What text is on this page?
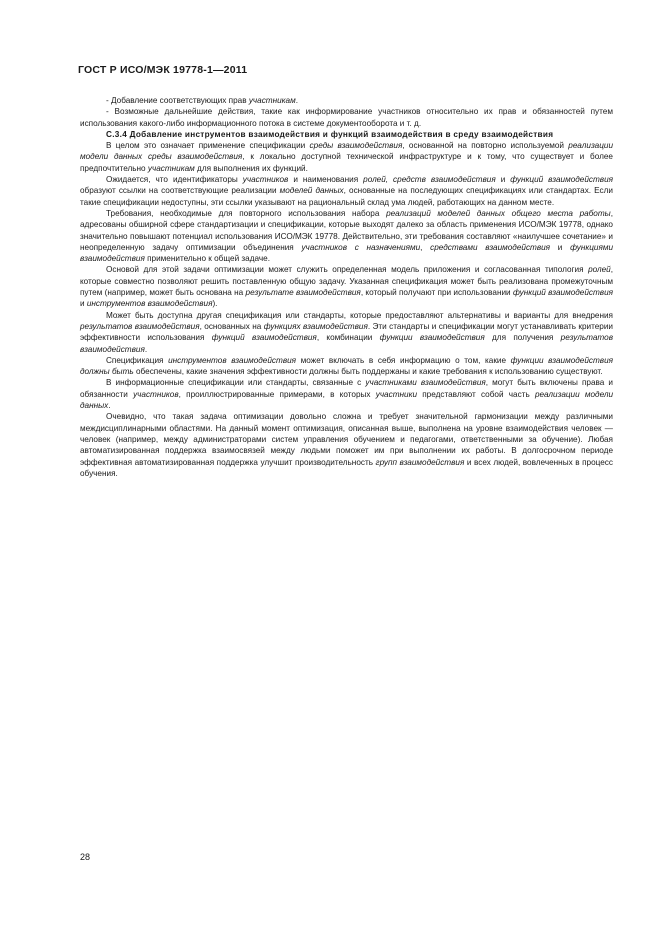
ГОСТ Р ИСО/МЭК 19778-1—2011

- Добавление соответствующих прав участникам.

- Возможные дальнейшие действия, такие как информирование участников относительно их прав и обязанностей путем использования какого-либо информационного потока в системе документооборота и т. д.

С.3.4 Добавление инструментов взаимодействия и функций взаимодействия в среду взаимодействия

В целом это означает применение спецификации среды взаимодействия, основанной на повторно используемой реализации модели данных среды взаимодействия, к локально доступной технической инфраструктуре и к тому, что существует и более предпочтительно участникам для выполнения их функций.

Ожидается, что идентификаторы участников и наименования ролей, средств взаимодействия и функций взаимодействия образуют ссылки на соответствующие реализации моделей данных, основанные на последующих спецификациях или стандартах. Если такие спецификации недоступны, эти ссылки указывают на рациональный склад ума людей, работающих на данном месте.

Требования, необходимые для повторного использования набора реализаций моделей данных общего места работы, адресованы обширной сфере стандартизации и спецификации, которые выходят далеко за область применения ИСО/МЭК 19778, однако значительно повышают потенциал использования ИСО/МЭК 19778. Действительно, эти требования составляют «наилучшее сочетание» и неопределенную задачу оптимизации объединения участников с назначениями, средствами взаимодействия и функциями взаимодействия применительно к общей задаче.

Основой для этой задачи оптимизации может служить определенная модель приложения и согласованная типология ролей, которые совместно позволяют решить поставленную общую задачу. Указанная спецификация может быть реализована промежуточным путем (например, может быть основана на результате взаимодействия, который получают при использовании функций взаимодействия и инструментов взаимодействия).

Может быть доступна другая спецификация или стандарты, которые предоставляют альтернативы и варианты для внедрения результатов взаимодействия, основанных на функциях взаимодействия. Эти стандарты и спецификации могут устанавливать критерии эффективности использования функций взаимодействия, комбинации функции взаимодействия для получения результатов взаимодействия.

Спецификация инструментов взаимодействия может включать в себя информацию о том, какие функции взаимодействия должны быть обеспечены, какие значения эффективности должны быть поддержаны и какие требования к использованию существуют.

В информационные спецификации или стандарты, связанные с участниками взаимодействия, могут быть включены права и обязанности участников, проиллюстрированные примерами, в которых участники представляют собой часть реализации модели данных.

Очевидно, что такая задача оптимизации довольно сложна и требует значительной гармонизации между различными междисциплинарными областями. На данный момент оптимизация, описанная выше, выполнена на уровне взаимодействия человек — человек (например, между администраторами систем управления обучением и педагогами, ответственными за обучение). Любая автоматизированная поддержка взаимосвязей между людьми поможет им при выполнении их работы. В долгосрочном периоде эффективная автоматизированная поддержка улучшит производительность групп взаимодействия и всех людей, вовлеченных в процесс обучения.

28
